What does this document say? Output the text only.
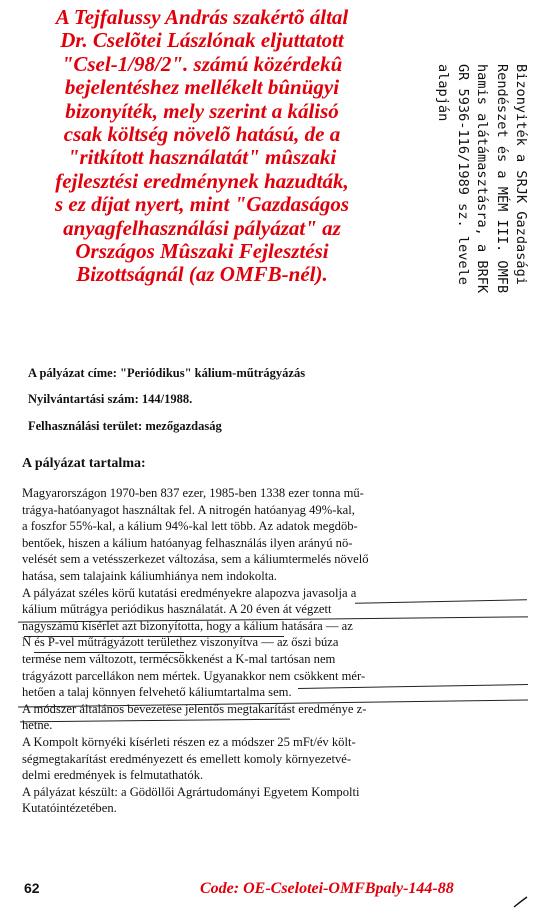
A Tejfalussy András szakértõ által
Dr. Cselõtei Lászlónak eljuttatott
"Csel-1/98/2". számú közérdekû
bejelentéshez mellékelt bûnügyi
bizonyíték, mely szerint a kálisó
csak költség növelõ hatású, de a
"ritkított használatát" mûszaki
fejlesztési eredménynek hazudták,
s ez díjat nyert, mint "Gazdaságos
anyagfelhasználási pályázat" az
Országos Mûszaki Fejlesztési
Bizottságnál (az OMFB-nél).	Bizonyiték a SRJK Gazdasági
Rendészet és a MÉM III. OMFB
hamis alátámasztásra, a BRFK
GR 5936-116/1989 sz. levele
alapján
A pályázat címe: "Periódikus" kálium-műtrágyázás
Nyilvántartási szám: 144/1988.
Felhasználási terület: mezőgazdaság
A pályázat tartalma:
Magyarországon 1970-ben 837 ezer, 1985-ben 1338 ezer tonna mű-
trágya-hatóanyagot használtak fel. A nitrogén hatóanyag 49%-kal,
a foszfor 55%-kal, a kálium 94%-kal lett több. Az adatok megdöb-
bentőek, hiszen a kálium hatóanyag felhasználás ilyen arányú nö-
velését sem a vetésszerkezet változása, sem a káliumtermelés növelő
hatása, sem talajaink káliumhiánya nem indokolta.
A pályázat széles körű kutatási eredményekre alapozva javasolja a
kálium műtrágya periódikus használatát. A 20 éven át végzett
nagyszámú kísérlet azt bizonyította, hogy a kálium hatására — az
N és P-vel műtrágyázott területhez viszonyítva — az őszi búza
termése nem változott, termécsökkenést a K-mal tartósan nem
trágyázott parcellákon nem mértek. Ugyanakkor nem csökkent mér-
hetően a talaj könnyen felvehető káliumtartalma sem.
A módszer általános bevezetése jelentős megtakarítást eredménye z-
hetne.
A Kompolt környéki kísérleti részen ez a módszer 25 mFt/év költ-
ségmegtakarítást eredményezett és emellett komoly környezetvé-
delmi eredmények is felmutathatók.
A pályázat készült: a Gödöllői Agrártudományi Egyetem Kompolti
Kutatóintézetében.
62	Code: OE-Cselotei-OMFBpaly-144-88
